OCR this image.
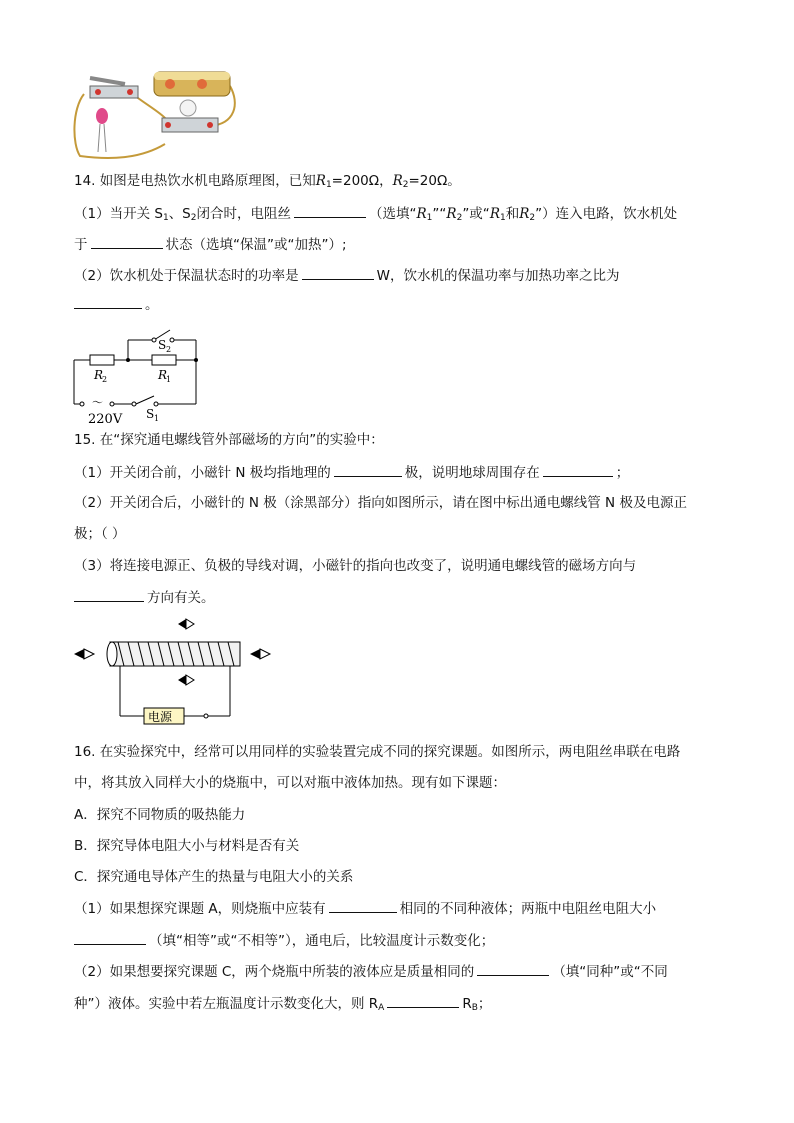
14. 如图是电热饮水机电路原理图，已知$R_1=200\Omega$，$R_2=20\Omega$。
（1）当开关 $S_1$、$S_2$闭合时，电阻丝	（选填“$R_1”“R_2$”或“$R_1$和$R_2$”）连入电路，饮水机处
于	状态（选填“保温”或“加热”）;
（2）饮水机处于保温状态时的功率是	W，饮水机的保温功率与加热功率之比为
。
S 2
R
2	R
1
～
220V S 1
15. 在“探究通电螺线管外部磁场的方向”的实验中：
（1）开关闭合前，小磁针 N 极均指地理的	极，说明地球周围存在	；
（2）开关闭合后，小磁针的 N 极（涂黑部分）指向如图所示，请在图中标出通电螺线管 N 极及电源正
极；（ ）
（3）将连接电源正、负极的导线对调，小磁针的指向也改变了，说明通电螺线管的磁场方向与
方向有关。
电源
16. 在实验探究中，经常可以用同样的实验装置完成不同的探究课题。如图所示，两电阻丝串联在电路
中，将其放入同样大小的烧瓶中，可以对瓶中液体加热。现有如下课题：
A．探究不同物质的吸热能力
B．探究导体电阻大小与材料是否有关
C．探究通电导体产生的热量与电阻大小的关系
（1）如果想探究课题 A，则烧瓶中应装有	相同的不同种液体；两瓶中电阻丝电阻大小
（填“相等”或“不相等”），通电后，比较温度计示数变化；
（2）如果想要探究课题 C，两个烧瓶中所装的液体应是质量相同的	（填“同种”或“不同
种”）液体。实验中若左瓶温度计示数变化大，则 $R_A$	$R_B$；
